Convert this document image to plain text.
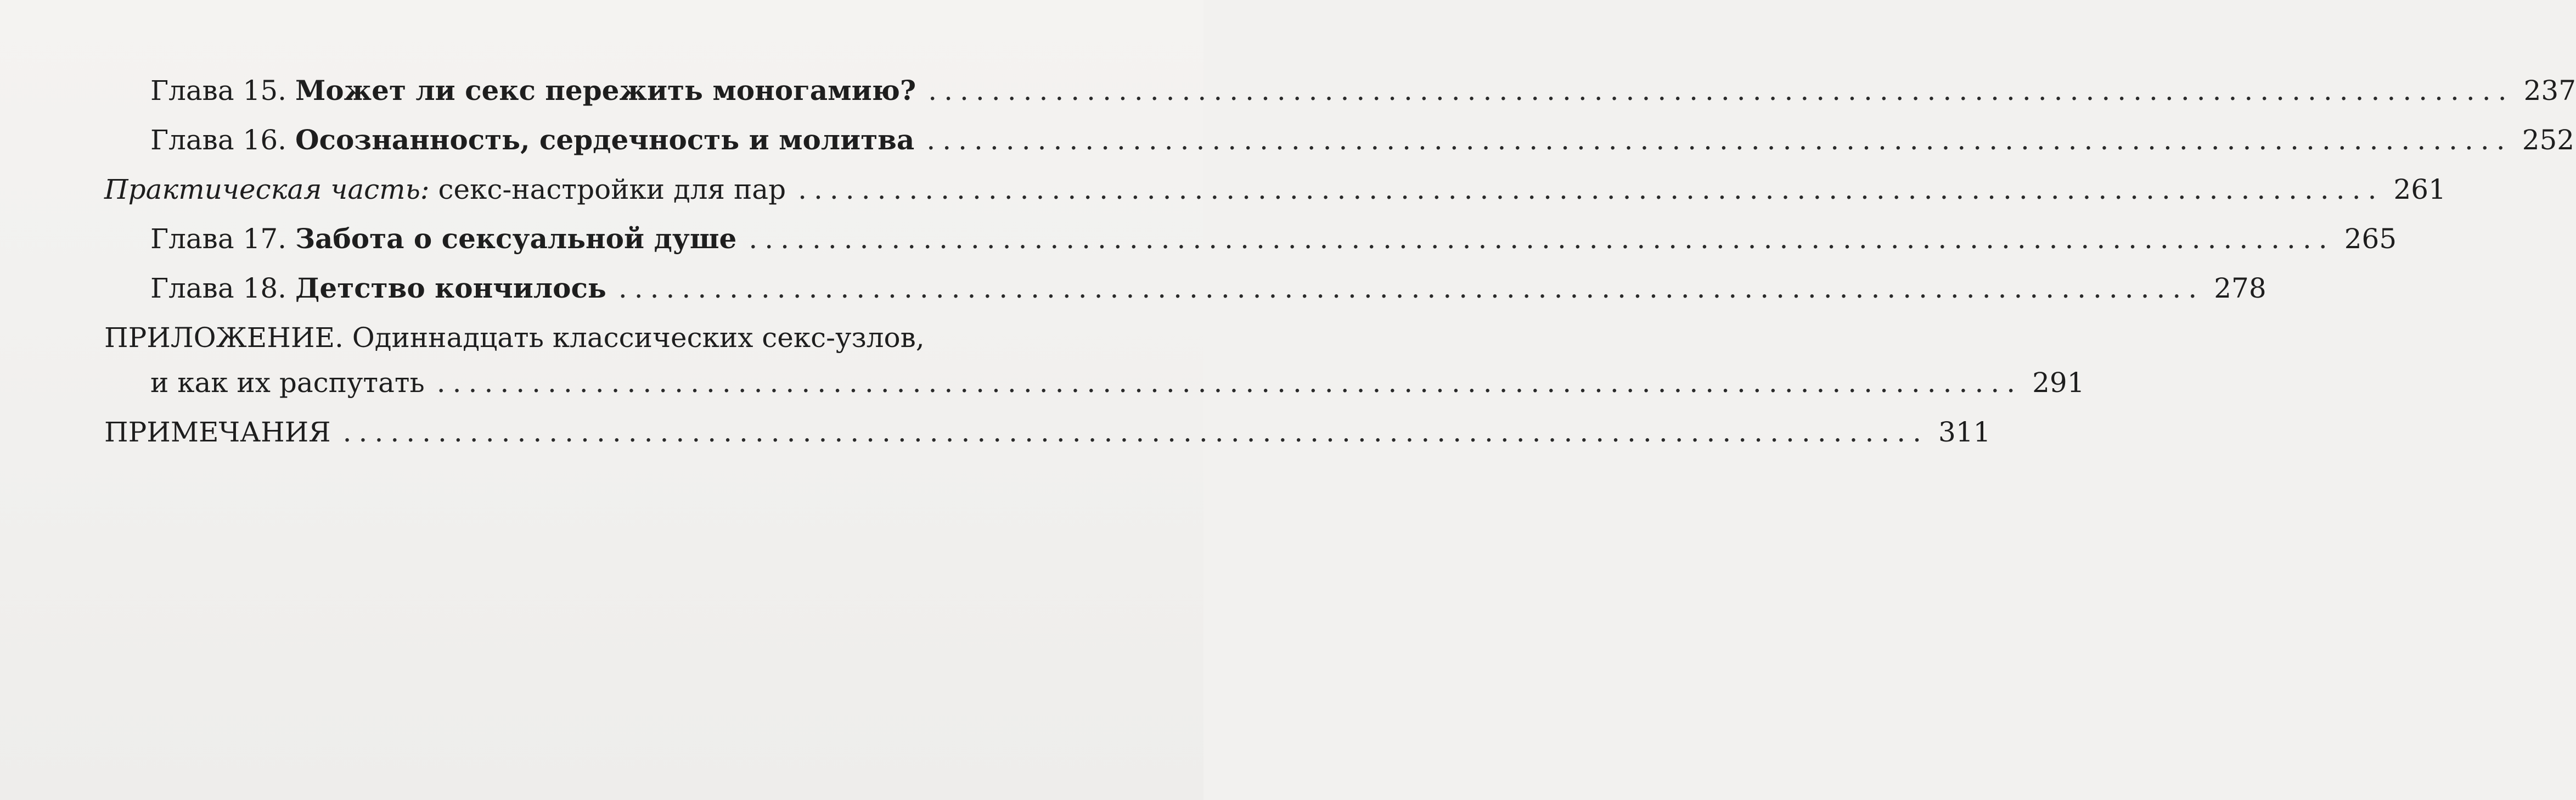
Глава 15. Может ли секс пережить моногамию? .................................................................................................... 237
Глава 16. Осознанность, сердечность и молитва .................................................................................................... 252
Практическая часть: секс-настройки для пар .................................................................................................... 261
Глава 17. Забота о сексуальной душе .................................................................................................... 265
Глава 18. Детство кончилось .................................................................................................... 278
ПРИЛОЖЕНИЕ. Одиннадцать классических секс-узлов,
и как их распутать .................................................................................................... 291
ПРИМЕЧАНИЯ .................................................................................................... 311
